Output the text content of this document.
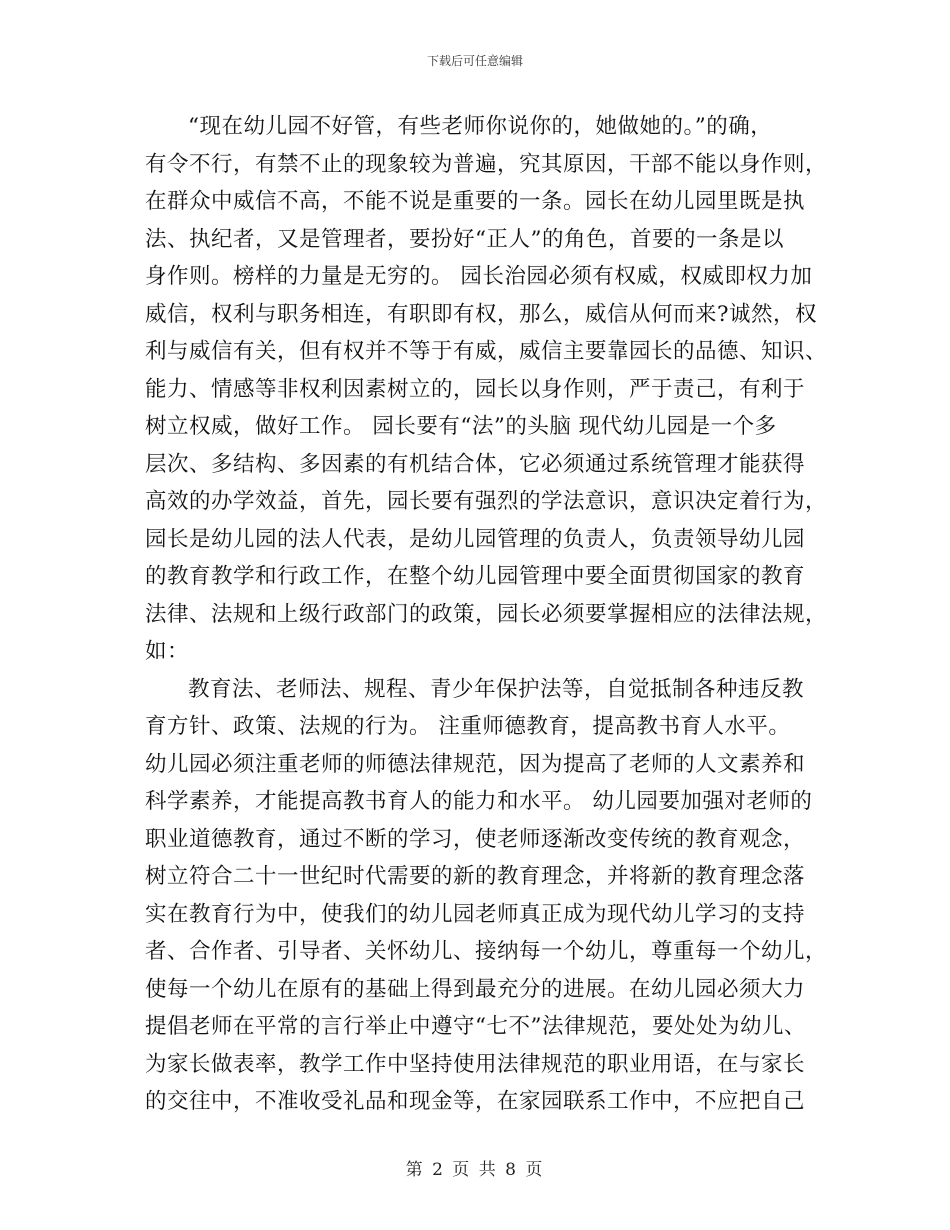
下载后可任意编辑
“现在幼儿园不好管，有些老师你说你的，她做她的。”的确，
有令不行，有禁不止的现象较为普遍，究其原因，干部不能以身作则，
在群众中威信不高，不能不说是重要的一条。园长在幼儿园里既是执
法、执纪者，又是管理者，要扮好“正人”的角色，首要的一条是以
身作则。榜样的力量是无穷的。 园长治园必须有权威，权威即权力加
威信，权利与职务相连，有职即有权，那么，威信从何而来?诚然，权
利与威信有关，但有权并不等于有威，威信主要靠园长的品德、知识、
能力、情感等非权利因素树立的，园长以身作则，严于责己，有利于
树立权威，做好工作。 园长要有“法”的头脑 现代幼儿园是一个多
层次、多结构、多因素的有机结合体，它必须通过系统管理才能获得
高效的办学效益，首先，园长要有强烈的学法意识，意识决定着行为，
园长是幼儿园的法人代表，是幼儿园管理的负责人，负责领导幼儿园
的教育教学和行政工作，在整个幼儿园管理中要全面贯彻国家的教育
法律、法规和上级行政部门的政策，园长必须要掌握相应的法律法规，
如：
教育法、老师法、规程、青少年保护法等，自觉抵制各种违反教
育方针、政策、法规的行为。 注重师德教育，提高教书育人水平。
幼儿园必须注重老师的师德法律规范，因为提高了老师的人文素养和
科学素养，才能提高教书育人的能力和水平。 幼儿园要加强对老师的
职业道德教育，通过不断的学习，使老师逐渐改变传统的教育观念，
树立符合二十一世纪时代需要的新的教育理念，并将新的教育理念落
实在教育行为中，使我们的幼儿园老师真正成为现代幼儿学习的支持
者、合作者、引导者、关怀幼儿、接纳每一个幼儿，尊重每一个幼儿，
使每一个幼儿在原有的基础上得到最充分的进展。在幼儿园必须大力
提倡老师在平常的言行举止中遵守“七不”法律规范，要处处为幼儿、
为家长做表率，教学工作中坚持使用法律规范的职业用语，在与家长
的交往中，不准收受礼品和现金等，在家园联系工作中，不应把自己
第 2 页 共 8 页
